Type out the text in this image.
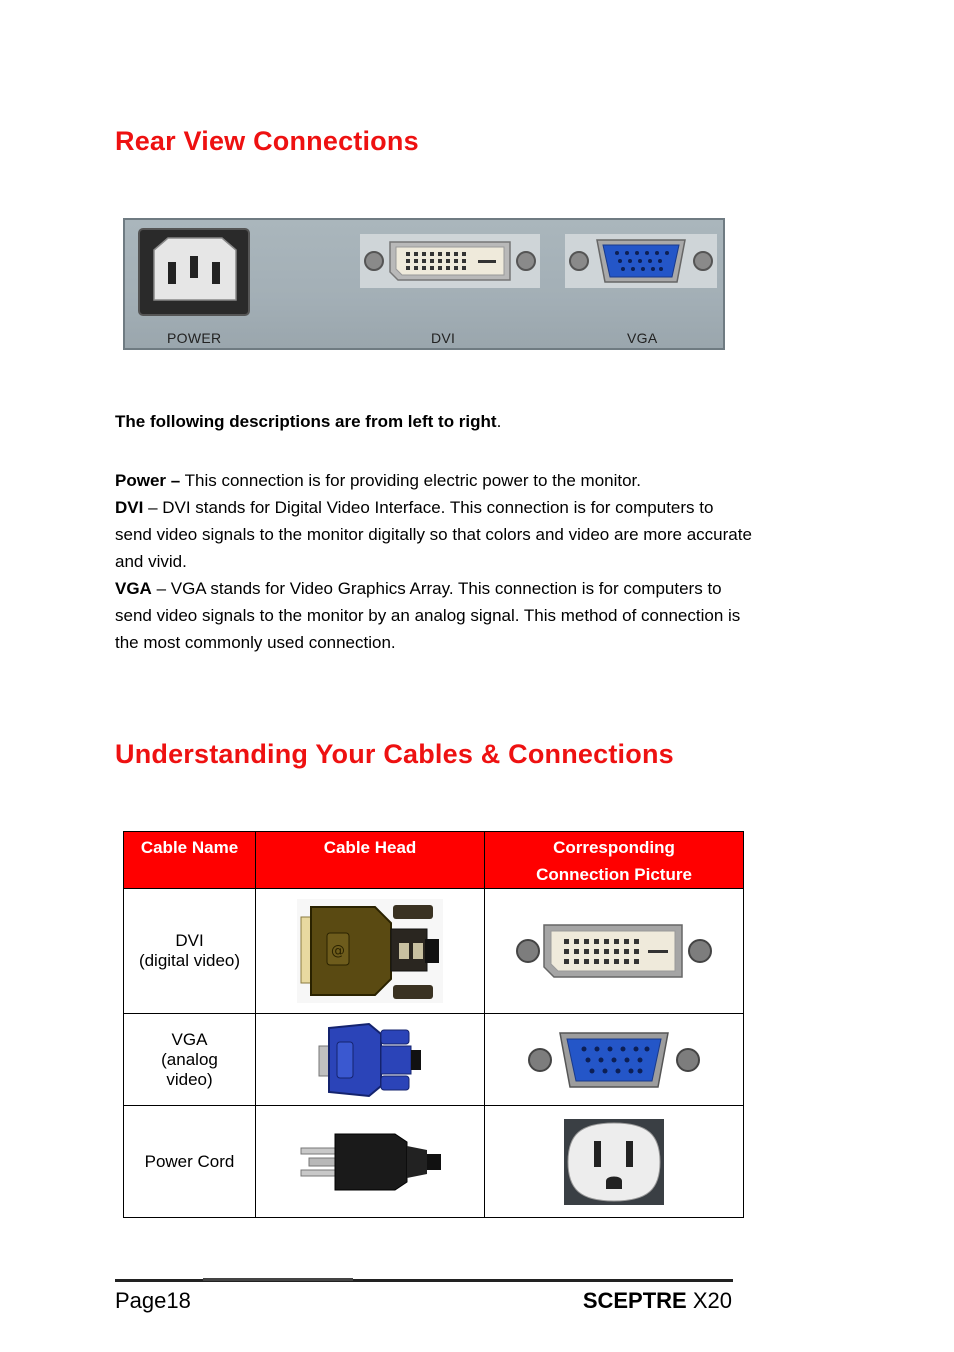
Rear View Connections
POWER	DVI	VGA
The following descriptions are from left to right.

Power – This connection is for providing electric power to the monitor.

DVI – DVI stands for Digital Video Interface. This connection is for computers to send video signals to the monitor digitally so that colors and video are more accurate and vivid.

VGA – VGA stands for Video Graphics Array. This connection is for computers to send video signals to the monitor by an analog signal. This method of connection is the most commonly used connection.

Understanding Your Cables & Connections
Cable Name	Cable Head	Corresponding Connection Picture

DVI
(digital video)	@

VGA
(analog
video)

Power Cord

Page18	SCEPTRE X20
